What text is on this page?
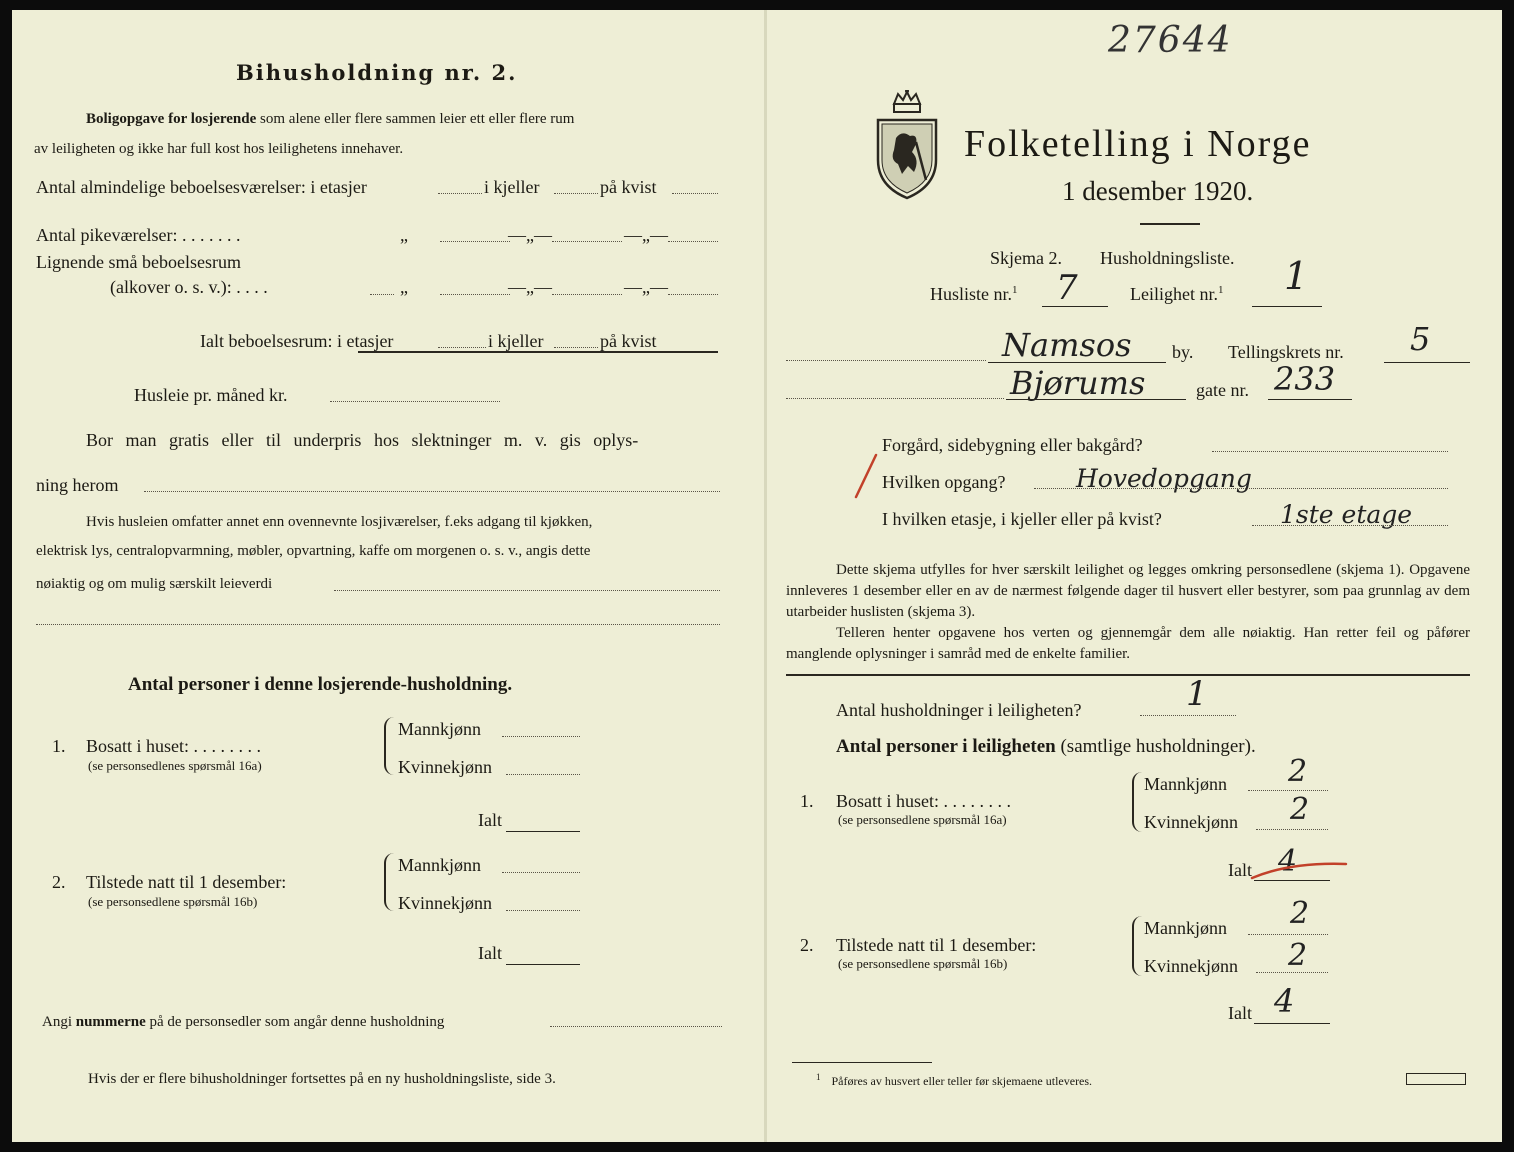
Bihusholdning nr. 2.
Boligopgave for losjerende som alene eller flere sammen leier ett eller flere rum
av leiligheten og ikke har full kost hos leilighetens innehaver.
Antal almindelige beboelsesværelser: i etasjer	i kjeller	på kvist
Antal pikeværelser: . . . . . . .	„	—„—	—„—
Lignende små beboelsesrum
(alkover o. s. v.): . . . .	„	—„—	—„—
Ialt beboelsesrum: i etasjer	i kjeller	på kvist
Husleie pr. måned kr.
Bor man gratis eller til underpris hos slektninger m. v. gis oplys-
ning herom
Hvis husleien omfatter annet enn ovennevnte losjiværelser, f.eks adgang til kjøkken,
elektrisk lys, centralopvarmning, møbler, opvartning, kaffe om morgenen o. s. v., angis dette
nøiaktig og om mulig særskilt leieverdi
Antal personer i denne losjerende-husholdning.
1. Bosatt i huset: . . . . . . . .
(se personsedlenes spørsmål 16a)
Mannkjønn
Kvinnekjønn
Ialt
2. Tilstede natt til 1 desember:
(se personsedlene spørsmål 16b)
Mannkjønn
Kvinnekjønn
Ialt
Angi nummerne på de personsedler som angår denne husholdning
Hvis der er flere bihusholdninger fortsettes på en ny husholdningsliste, side 3.
27644
Folketelling i Norge
1 desember 1920.
Skjema 2. Husholdningsliste.
Husliste nr.$^1$ 7	Leilighet nr.$^1$ 1
Namsos by. Tellingskrets nr. 5
Bjørums	gate nr. 233
Forgård, sidebygning eller bakgård?
Hvilken opgang?	Hovedopgang
I hvilken etasje, i kjeller eller på kvist?	1ste etage
Dette skjema utfylles for hver særskilt leilighet og legges omkring personsedlene (skjema 1). Opgavene innleveres 1 desember eller en av de nærmest følgende dager til husvert eller bestyrer, som paa grunnlag av dem utarbeider huslisten (skjema 3).
Telleren henter opgavene hos verten og gjennemgår dem alle nøiaktig. Han retter feil og påfører manglende oplysninger i samråd med de enkelte familier.
Antal husholdninger i leiligheten?	1
Antal personer i leiligheten (samtlige husholdninger).
1. Bosatt i huset: . . . . . . . .
(se personsedlene spørsmål 16a)
Mannkjønn 2
Kvinnekjønn 2
Ialt 4
2. Tilstede natt til 1 desember:
(se personsedlene spørsmål 16b)
Mannkjønn 2
Kvinnekjønn 2
Ialt 4
$^1$ Påføres av husvert eller teller før skjemaene utleveres.
